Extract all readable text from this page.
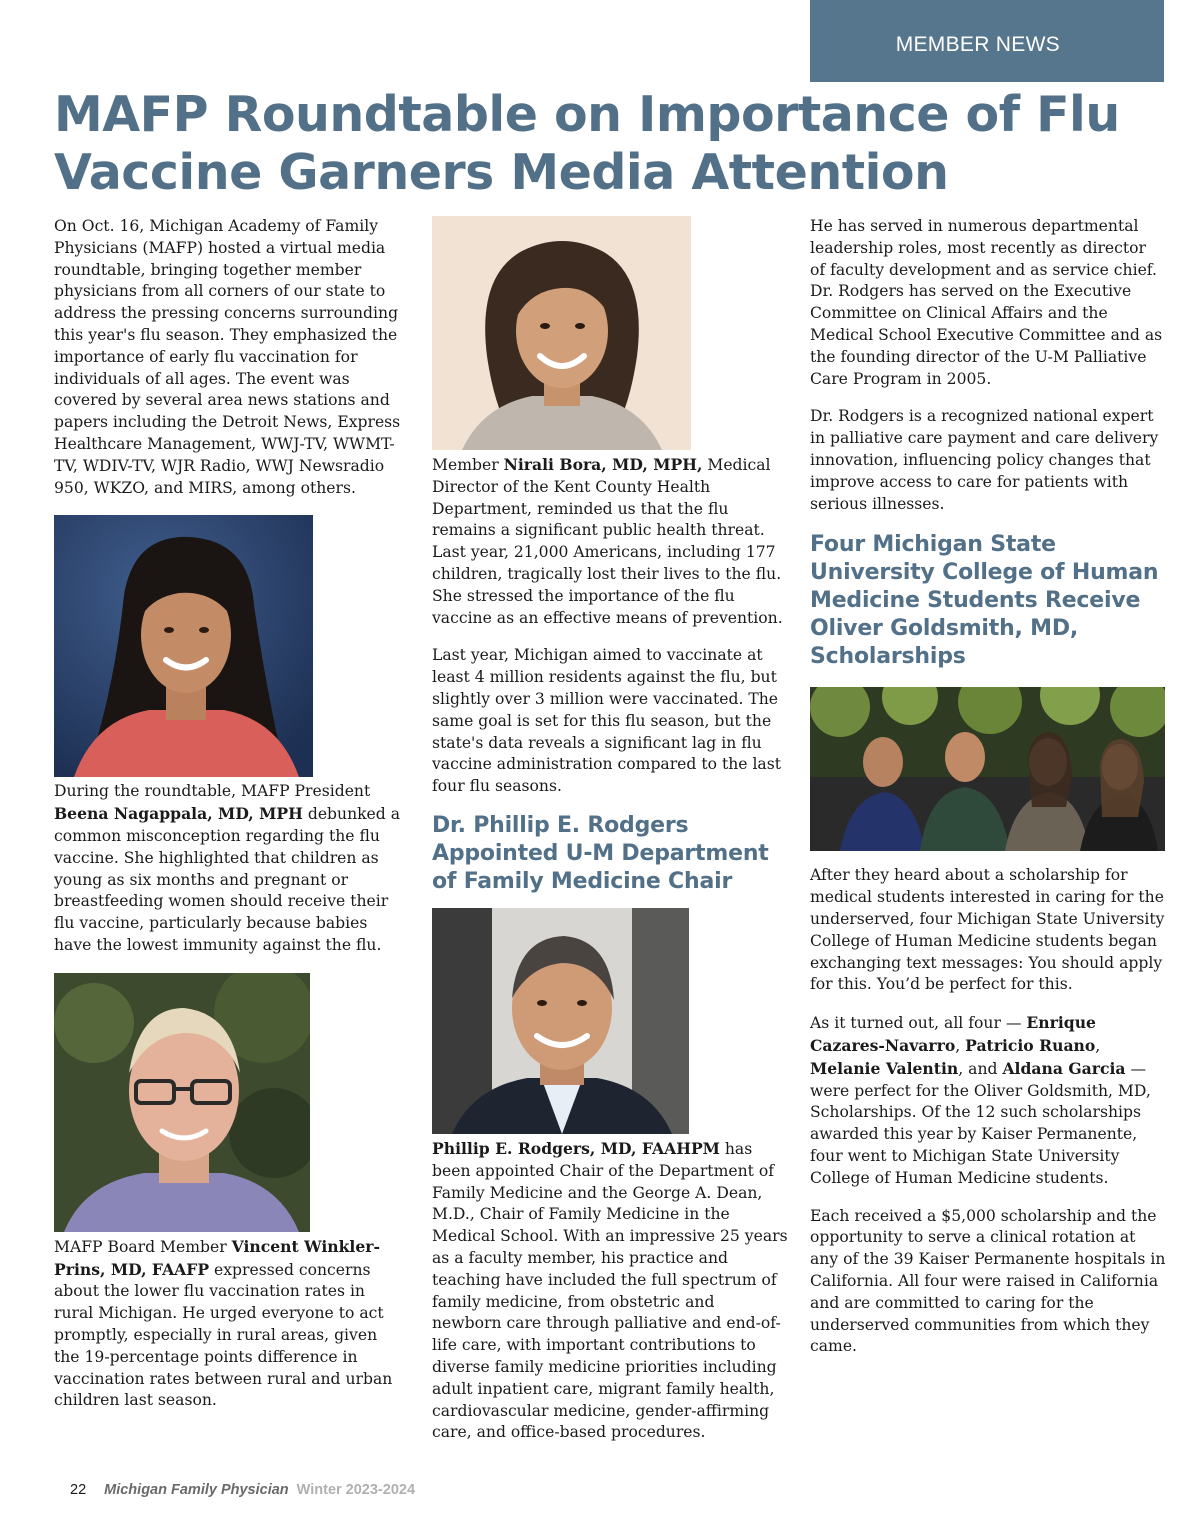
MEMBER NEWS
MAFP Roundtable on Importance of Flu Vaccine Garners Media Attention

On Oct. 16, Michigan Academy of Family Physicians (MAFP) hosted a virtual media roundtable, bringing together member physicians from all corners of our state to address the pressing concerns surrounding this year's flu season. They emphasized the importance of early flu vaccination for individuals of all ages. The event was covered by several area news stations and papers including the Detroit News, Express Healthcare Management, WWJ-TV, WWMT-TV, WDIV-TV, WJR Radio, WWJ Newsradio 950, WKZO, and MIRS, among others.

During the roundtable, MAFP President Beena Nagappala, MD, MPH debunked a common misconception regarding the flu vaccine. She highlighted that children as young as six months and pregnant or breastfeeding women should receive their flu vaccine, particularly because babies have the lowest immunity against the flu.

MAFP Board Member Vincent Winkler-Prins, MD, FAAFP expressed concerns about the lower flu vaccination rates in rural Michigan. He urged everyone to act promptly, especially in rural areas, given the 19-percentage points difference in vaccination rates between rural and urban children last season.

Member Nirali Bora, MD, MPH, Medical Director of the Kent County Health Department, reminded us that the flu remains a significant public health threat. Last year, 21,000 Americans, including 177 children, tragically lost their lives to the flu. She stressed the importance of the flu vaccine as an effective means of prevention.

Last year, Michigan aimed to vaccinate at least 4 million residents against the flu, but slightly over 3 million were vaccinated. The same goal is set for this flu season, but the state's data reveals a significant lag in flu vaccine administration compared to the last four flu seasons.

Dr. Phillip E. Rodgers Appointed U-M Department of Family Medicine Chair

Phillip E. Rodgers, MD, FAAHPM has been appointed Chair of the Department of Family Medicine and the George A. Dean, M.D., Chair of Family Medicine in the Medical School. With an impressive 25 years as a faculty member, his practice and teaching have included the full spectrum of family medicine, from obstetric and newborn care through palliative and end-of-life care, with important contributions to diverse family medicine priorities including adult inpatient care, migrant family health, cardiovascular medicine, gender-affirming care, and office-based procedures.

He has served in numerous departmental leadership roles, most recently as director of faculty development and as service chief. Dr. Rodgers has served on the Executive Committee on Clinical Affairs and the Medical School Executive Committee and as the founding director of the U-M Palliative Care Program in 2005.

Dr. Rodgers is a recognized national expert in palliative care payment and care delivery innovation, influencing policy changes that improve access to care for patients with serious illnesses.

Four Michigan State University College of Human Medicine Students Receive Oliver Goldsmith, MD, Scholarships

After they heard about a scholarship for medical students interested in caring for the underserved, four Michigan State University College of Human Medicine students began exchanging text messages: You should apply for this. You’d be perfect for this.

As it turned out, all four — Enrique Cazares-Navarro, Patricio Ruano, Melanie Valentin, and Aldana Garcia — were perfect for the Oliver Goldsmith, MD, Scholarships. Of the 12 such scholarships awarded this year by Kaiser Permanente, four went to Michigan State University College of Human Medicine students.

Each received a $5,000 scholarship and the opportunity to serve a clinical rotation at any of the 39 Kaiser Permanente hospitals in California. All four were raised in California and are committed to caring for the underserved communities from which they came.

22 Michigan Family Physician Winter 2023-2024
